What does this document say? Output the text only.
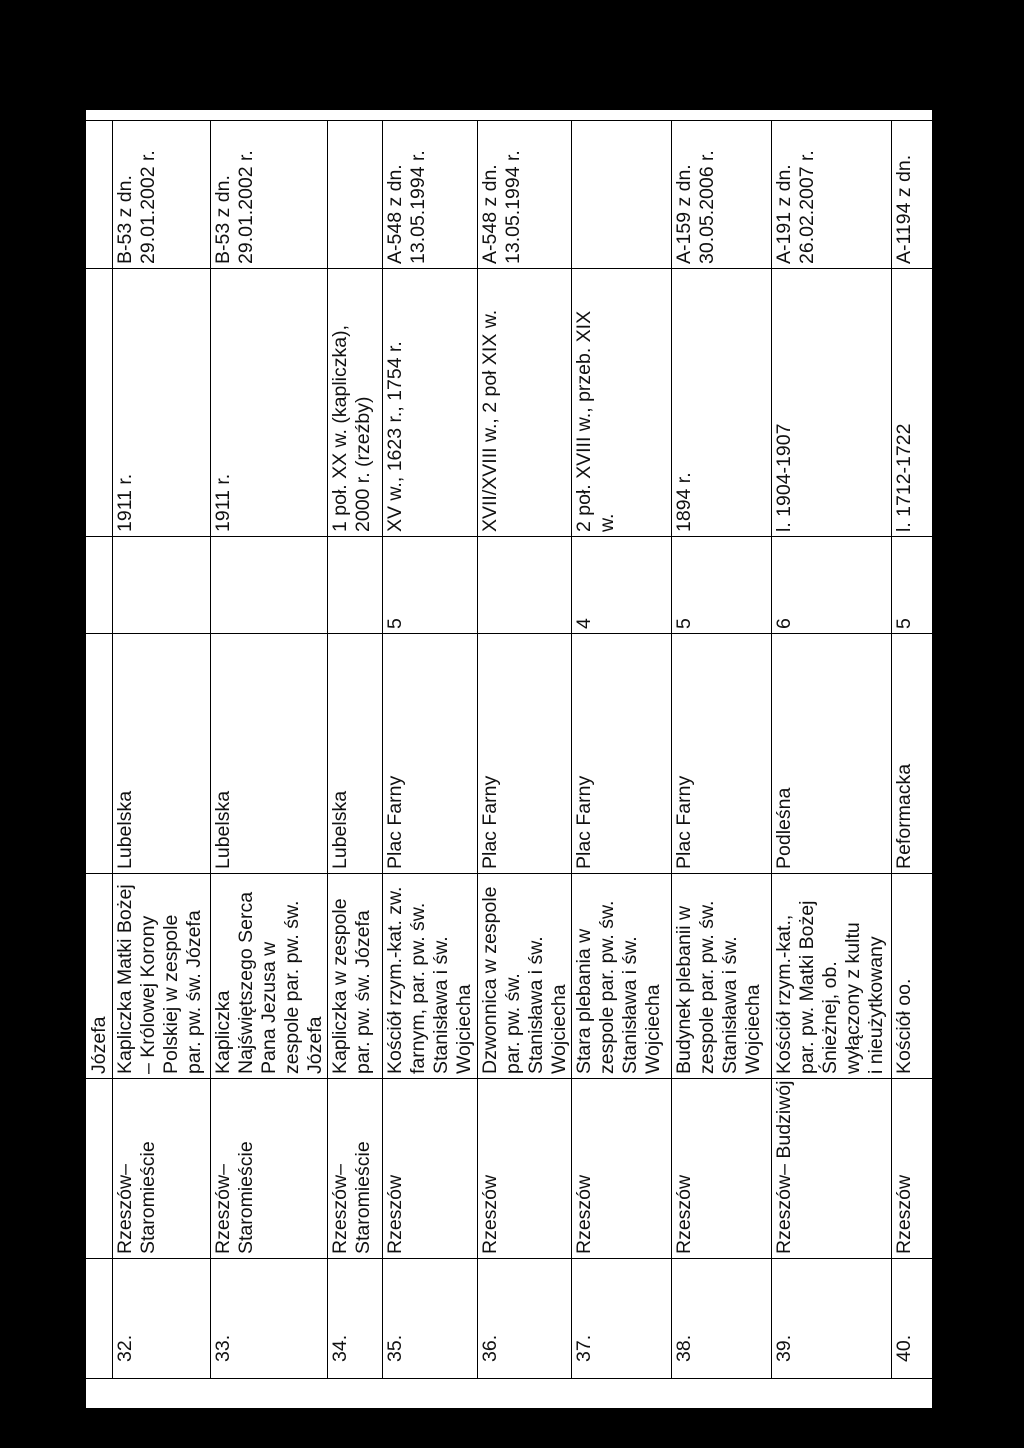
		Józefa				
32.	Rzeszów–
Staromieście	Kapliczka Matki Bożej
– Królowej Korony
Polskiej w zespole
par. pw. św. Józefa	Lubelska		1911 r.	B-53 z dn.
29.01.2002 r.
33.	Rzeszów–
Staromieście	Kapliczka
Najświętszego Serca
Pana Jezusa w
zespole par. pw. św.
Józefa	Lubelska		1911 r.	B-53 z dn.
29.01.2002 r.
34.	Rzeszów–
Staromieście	Kapliczka w zespole
par. pw. św. Józefa	Lubelska		1 poł. XX w. (kapliczka),
2000 r. (rzeźby)	
35.	Rzeszów	Kościół rzym.-kat. zw.
farnym, par. pw. św.
Stanisława i św.
Wojciecha	Plac Farny	5	XV w., 1623 r., 1754 r.	A-548 z dn.
13.05.1994 r.
36.	Rzeszów	Dzwonnica w zespole
par. pw. św.
Stanisława i św.
Wojciecha	Plac Farny		XVII/XVIII w., 2 poł XIX w.	A-548 z dn.
13.05.1994 r.
37.	Rzeszów	Stara plebania w
zespole par. pw. św.
Stanisława i św.
Wojciecha	Plac Farny	4	2 poł. XVIII w., przeb. XIX
w.	
38.	Rzeszów	Budynek plebanii w
zespole par. pw. św.
Stanisława i św.
Wojciecha	Plac Farny	5	1894 r.	A-159 z dn.
30.05.2006 r.
39.	Rzeszów– Budziwój	Kościół rzym.-kat.,
par. pw. Matki Bożej
Śnieżnej, ob.
wyłączony z kultu
i nieużytkowany	Podleśna	6	l. 1904-1907	A-191 z dn.
26.02.2007 r.
40.	Rzeszów	Kościół oo.	Reformacka	5	l. 1712-1722	A-1194 z dn.
